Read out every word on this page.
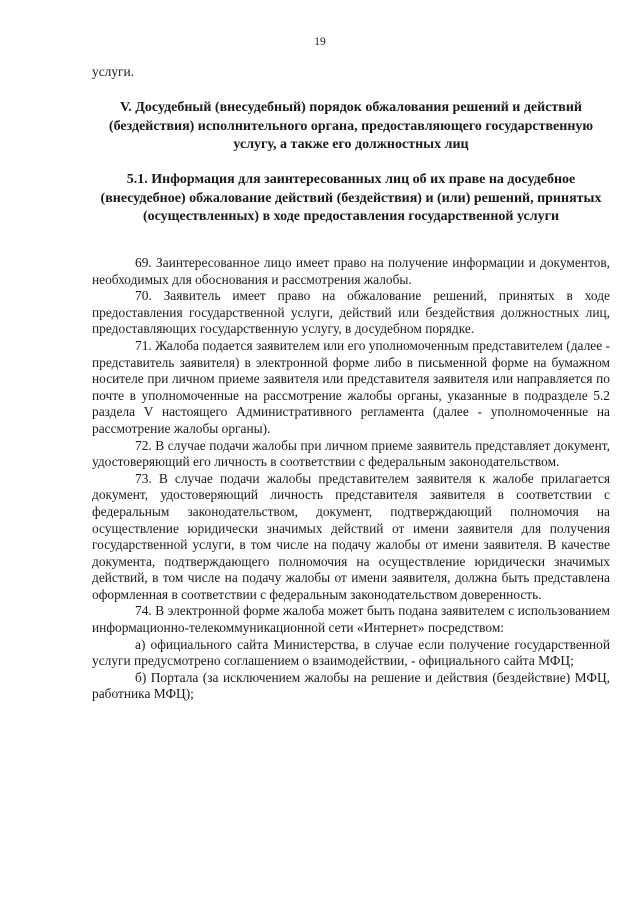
19
услуги.
V. Досудебный (внесудебный) порядок обжалования решений и действий (бездействия) исполнительного органа, предоставляющего государственную услугу, а также его должностных лиц
5.1. Информация для заинтересованных лиц об их праве на досудебное (внесудебное) обжалование действий (бездействия) и (или) решений, принятых (осуществленных) в ходе предоставления государственной услуги

69. Заинтересованное лицо имеет право на получение информации и документов, необходимых для обоснования и рассмотрения жалобы.

70. Заявитель имеет право на обжалование решений, принятых в ходе предоставления государственной услуги, действий или бездействия должностных лиц, предоставляющих государственную услугу, в досудебном порядке.

71. Жалоба подается заявителем или его уполномоченным представителем (далее - представитель заявителя) в электронной форме либо в письменной форме на бумажном носителе при личном приеме заявителя или представителя заявителя или направляется по почте в уполномоченные на рассмотрение жалобы органы, указанные в подразделе 5.2 раздела V настоящего Административного регламента (далее - уполномоченные на рассмотрение жалобы органы).

72. В случае подачи жалобы при личном приеме заявитель представляет документ, удостоверяющий его личность в соответствии с федеральным законодательством.

73. В случае подачи жалобы представителем заявителя к жалобе прилагается документ, удостоверяющий личность представителя заявителя в соответствии с федеральным законодательством, документ, подтверждающий полномочия на осуществление юридически значимых действий от имени заявителя для получения государственной услуги, в том числе на подачу жалобы от имени заявителя. В качестве документа, подтверждающего полномочия на осуществление юридически значимых действий, в том числе на подачу жалобы от имени заявителя, должна быть представлена оформленная в соответствии с федеральным законодательством доверенность.

74. В электронной форме жалоба может быть подана заявителем с использованием информационно-телекоммуникационной сети «Интернет» посредством:

а) официального сайта Министерства, в случае если получение государственной услуги предусмотрено соглашением о взаимодействии, - официального сайта МФЦ;

б) Портала (за исключением жалобы на решение и действия (бездействие) МФЦ, работника МФЦ);
